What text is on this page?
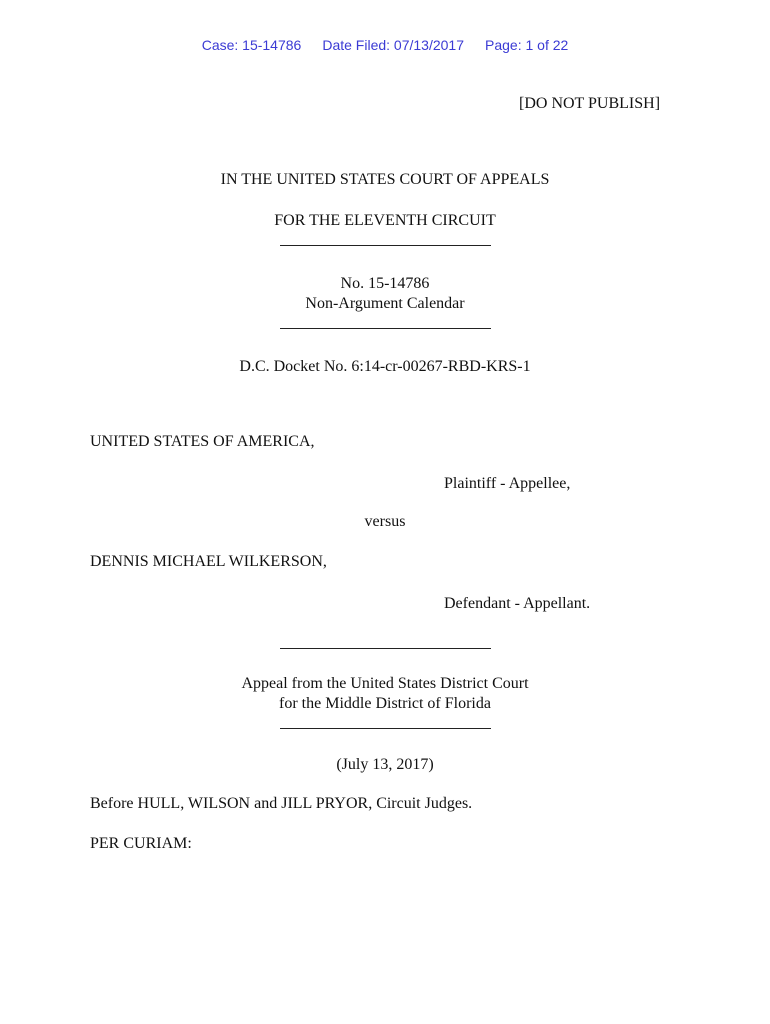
Case: 15-14786 Date Filed: 07/13/2017 Page: 1 of 22
[DO NOT PUBLISH]
IN THE UNITED STATES COURT OF APPEALS
FOR THE ELEVENTH CIRCUIT
No. 15-14786
Non-Argument Calendar
D.C. Docket No. 6:14-cr-00267-RBD-KRS-1
UNITED STATES OF AMERICA,
Plaintiff - Appellee,
versus
DENNIS MICHAEL WILKERSON,
Defendant - Appellant.
Appeal from the United States District Court
for the Middle District of Florida
(July 13, 2017)
Before HULL, WILSON and JILL PRYOR, Circuit Judges.
PER CURIAM:
